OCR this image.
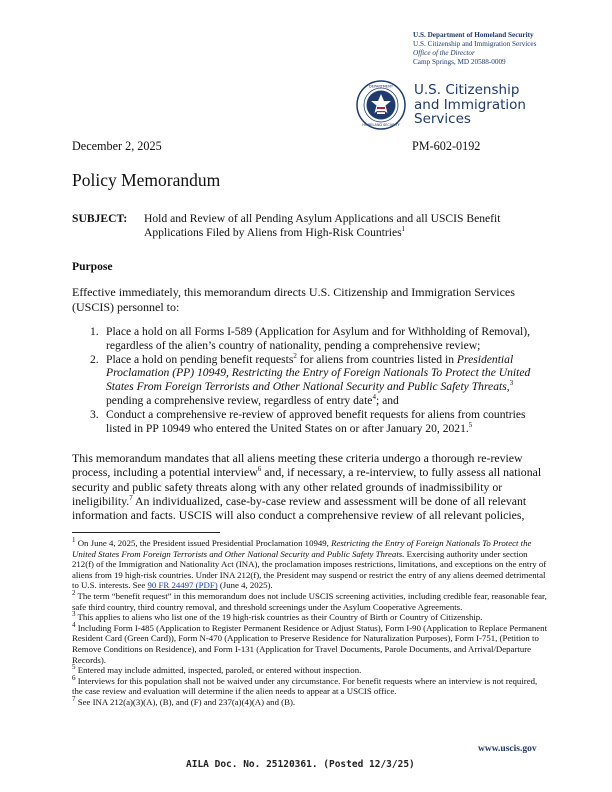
U.S. Department of Homeland Security
U.S. Citizenship and Immigration Services
Office of the Director
Camp Springs, MD 20588-0009
DEPARTMENT
HOMELAND SECURITY
U.S. Citizenship
and Immigration
Services
December 2, 2025	PM-602-0192
Policy Memorandum
SUBJECT: Hold and Review of all Pending Asylum Applications and all USCIS Benefit
Applications Filed by Aliens from High-Risk Countries$^1$
Purpose
Effective immediately, this memorandum directs U.S. Citizenship and Immigration Services (USCIS) personnel to:
1. Place a hold on all Forms I-589 (Application for Asylum and for Withholding of Removal), regardless of the alien’s country of nationality, pending a comprehensive review;
2. Place a hold on pending benefit requests$^2$ for aliens from countries listed in Presidential Proclamation (PP) 10949, Restricting the Entry of Foreign Nationals To Protect the United States From Foreign Terrorists and Other National Security and Public Safety Threats,$^3$ pending a comprehensive review, regardless of entry date$^4$; and
3. Conduct a comprehensive re-review of approved benefit requests for aliens from countries listed in PP 10949 who entered the United States on or after January 20, 2021.$^5$
This memorandum mandates that all aliens meeting these criteria undergo a thorough re-review process, including a potential interview$^6$ and, if necessary, a re-interview, to fully assess all national security and public safety threats along with any other related grounds of inadmissibility or ineligibility.$^7$ An individualized, case-by-case review and assessment will be done of all relevant information and facts. USCIS will also conduct a comprehensive review of all relevant policies,

$^1$ On June 4, 2025, the President issued Presidential Proclamation 10949, Restricting the Entry of Foreign Nationals To Protect the United States From Foreign Terrorists and Other National Security and Public Safety Threats. Exercising authority under section 212(f) of the Immigration and Nationality Act (INA), the proclamation imposes restrictions, limitations, and exceptions on the entry of aliens from 19 high-risk countries. Under INA 212(f), the President may suspend or restrict the entry of any aliens deemed detrimental to U.S. interests. See 90 FR 24497 (PDF) (June 4, 2025).

$^2$ The term “benefit request” in this memorandum does not include USCIS screening activities, including credible fear, reasonable fear, safe third country, third country removal, and threshold screenings under the Asylum Cooperative Agreements.

$^3$ This applies to aliens who list one of the 19 high-risk countries as their Country of Birth or Country of Citizenship.

$^4$ Including Form I-485 (Application to Register Permanent Residence or Adjust Status), Form I-90 (Application to Replace Permanent Resident Card (Green Card)), Form N-470 (Application to Preserve Residence for Naturalization Purposes), Form I-751, (Petition to Remove Conditions on Residence), and Form I-131 (Application for Travel Documents, Parole Documents, and Arrival/Departure Records).

$^5$ Entered may include admitted, inspected, paroled, or entered without inspection.

$^6$ Interviews for this population shall not be waived under any circumstance. For benefit requests where an interview is not required, the case review and evaluation will determine if the alien needs to appear at a USCIS office.

$^7$ See INA 212(a)(3)(A), (B), and (F) and 237(a)(4)(A) and (B).

www.uscis.gov
AILA Doc. No. 25120361. (Posted 12/3/25)
